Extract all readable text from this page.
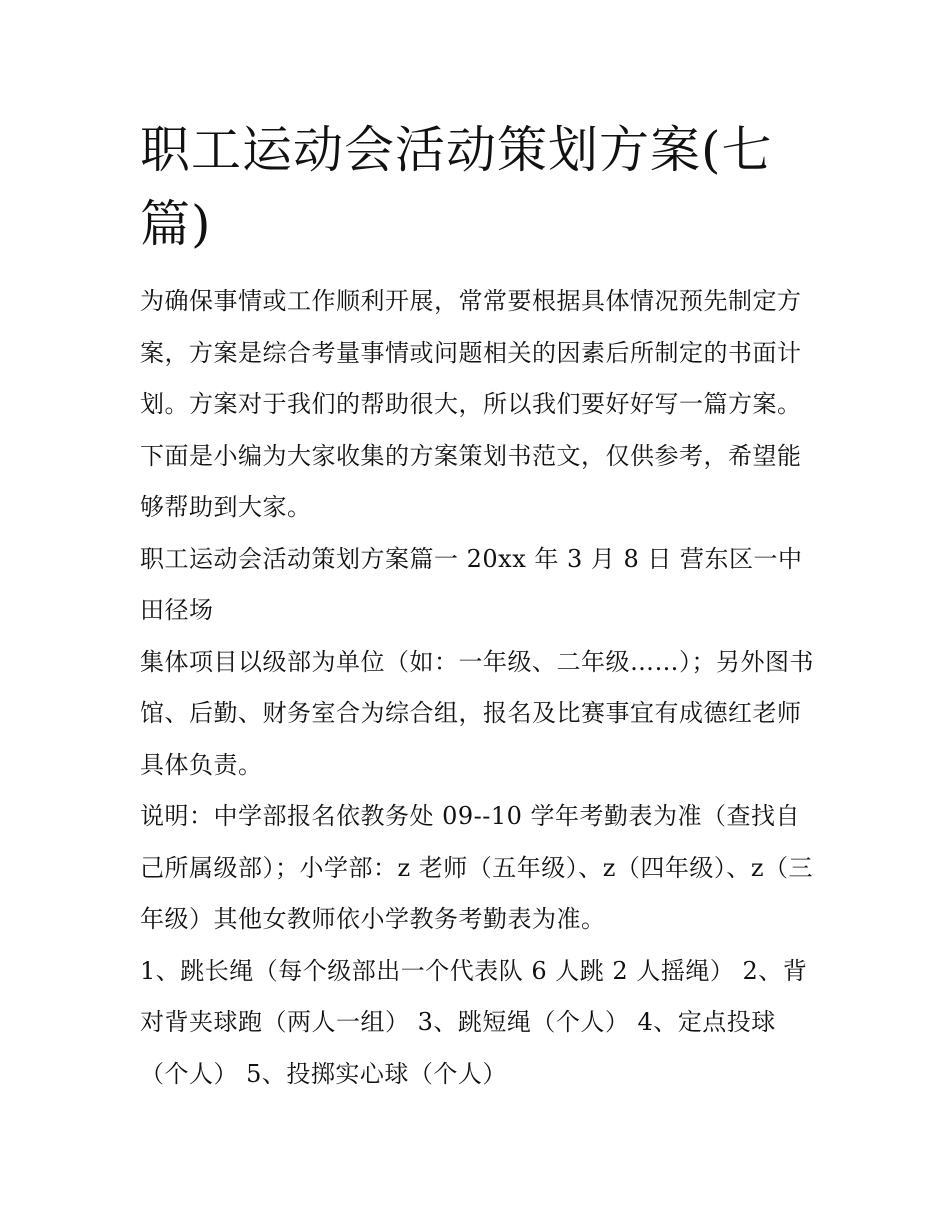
职工运动会活动策划方案(七篇)

为确保事情或工作顺利开展，常常要根据具体情况预先制定方案，方案是综合考量事情或问题相关的因素后所制定的书面计划。方案对于我们的帮助很大，所以我们要好好写一篇方案。下面是小编为大家收集的方案策划书范文，仅供参考，希望能够帮助到大家。

职工运动会活动策划方案篇一 20xx 年 3 月 8 日 营东区一中田径场

集体项目以级部为单位（如：一年级、二年级……）；另外图书馆、后勤、财务室合为综合组，报名及比赛事宜有成德红老师具体负责。

说明：中学部报名依教务处 09--10 学年考勤表为准（查找自己所属级部）；小学部：z 老师（五年级）、z（四年级）、z（三年级）其他女教师依小学教务考勤表为准。

1、跳长绳（每个级部出一个代表队 6 人跳 2 人摇绳） 2、背对背夹球跑（两人一组） 3、跳短绳（个人） 4、定点投球（个人） 5、投掷实心球（个人）
